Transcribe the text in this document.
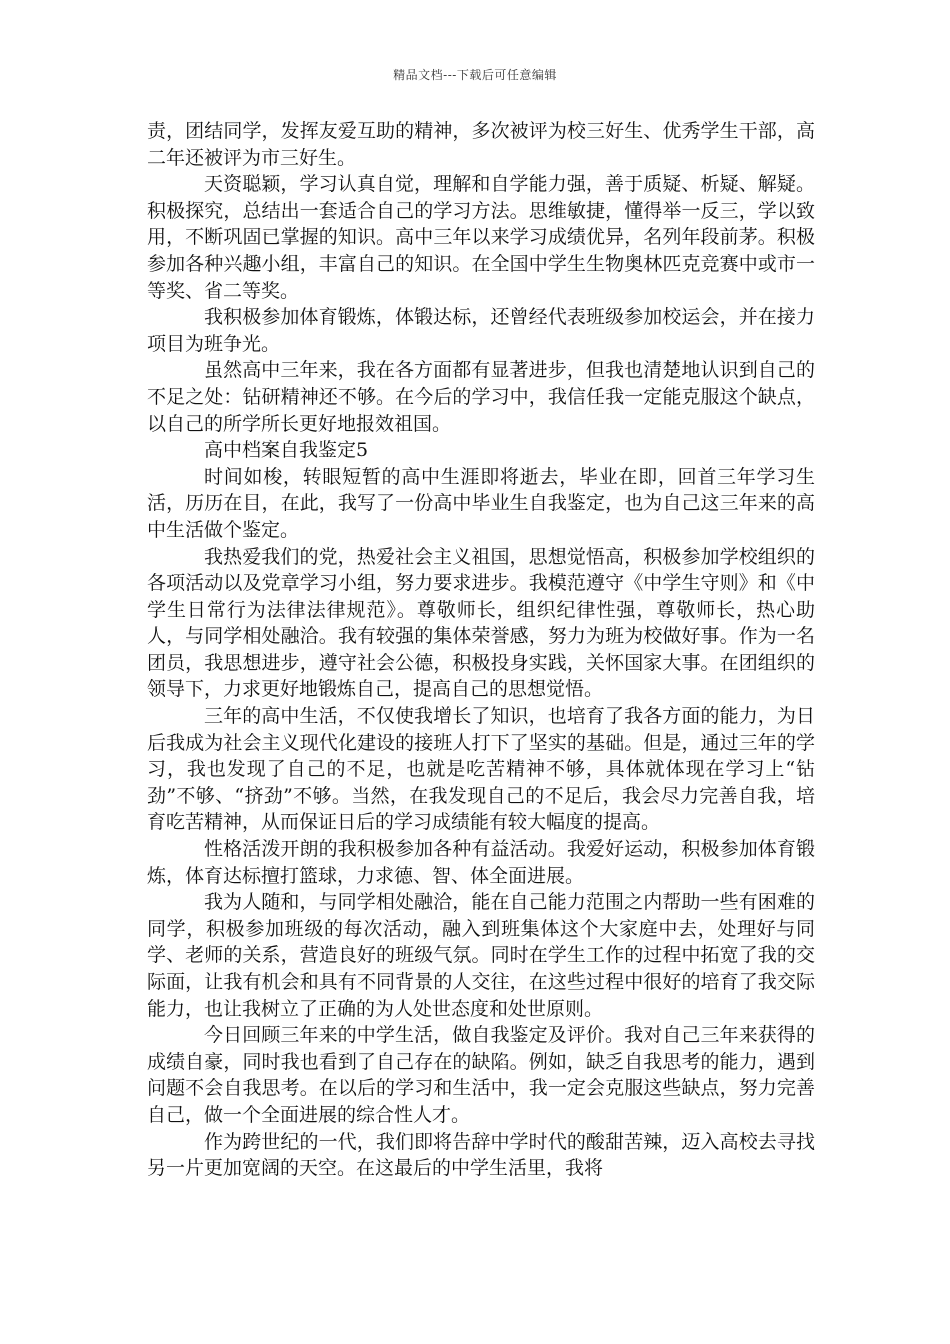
精品文档---下载后可任意编辑

责，团结同学，发挥友爱互助的精神，多次被评为校三好生、优秀学生干部，高二年还被评为市三好生。

天资聪颖，学习认真自觉，理解和自学能力强，善于质疑、析疑、解疑。积极探究，总结出一套适合自己的学习方法。思维敏捷，懂得举一反三，学以致用，不断巩固已掌握的知识。高中三年以来学习成绩优异，名列年段前茅。积极参加各种兴趣小组，丰富自己的知识。在全国中学生生物奥林匹克竞赛中或市一等奖、省二等奖。

我积极参加体育锻炼，体锻达标，还曾经代表班级参加校运会，并在接力项目为班争光。

虽然高中三年来，我在各方面都有显著进步，但我也清楚地认识到自己的不足之处：钻研精神还不够。在今后的学习中，我信任我一定能克服这个缺点，以自己的所学所长更好地报效祖国。

高中档案自我鉴定5

时间如梭，转眼短暂的高中生涯即将逝去，毕业在即，回首三年学习生活，历历在目，在此，我写了一份高中毕业生自我鉴定，也为自己这三年来的高中生活做个鉴定。

我热爱我们的党，热爱社会主义祖国，思想觉悟高，积极参加学校组织的各项活动以及党章学习小组，努力要求进步。我模范遵守《中学生守则》和《中学生日常行为法律法律规范》。尊敬师长，组织纪律性强，尊敬师长，热心助人，与同学相处融洽。我有较强的集体荣誉感，努力为班为校做好事。作为一名团员，我思想进步，遵守社会公德，积极投身实践，关怀国家大事。在团组织的领导下，力求更好地锻炼自己，提高自己的思想觉悟。

三年的高中生活，不仅使我增长了知识，也培育了我各方面的能力，为日后我成为社会主义现代化建设的接班人打下了坚实的基础。但是，通过三年的学习，我也发现了自己的不足，也就是吃苦精神不够，具体就体现在学习上“钻劲”不够、“挤劲”不够。当然，在我发现自己的不足后，我会尽力完善自我，培育吃苦精神，从而保证日后的学习成绩能有较大幅度的提高。

性格活泼开朗的我积极参加各种有益活动。我爱好运动，积极参加体育锻炼，体育达标擅打篮球，力求德、智、体全面进展。

我为人随和，与同学相处融洽，能在自己能力范围之内帮助一些有困难的同学，积极参加班级的每次活动，融入到班集体这个大家庭中去，处理好与同学、老师的关系，营造良好的班级气氛。同时在学生工作的过程中拓宽了我的交际面，让我有机会和具有不同背景的人交往，在这些过程中很好的培育了我交际能力，也让我树立了正确的为人处世态度和处世原则。

今日回顾三年来的中学生活，做自我鉴定及评价。我对自己三年来获得的成绩自豪，同时我也看到了自己存在的缺陷。例如，缺乏自我思考的能力，遇到问题不会自我思考。在以后的学习和生活中，我一定会克服这些缺点，努力完善自己，做一个全面进展的综合性人才。

作为跨世纪的一代，我们即将告辞中学时代的酸甜苦辣，迈入高校去寻找另一片更加宽阔的天空。在这最后的中学生活里，我将
